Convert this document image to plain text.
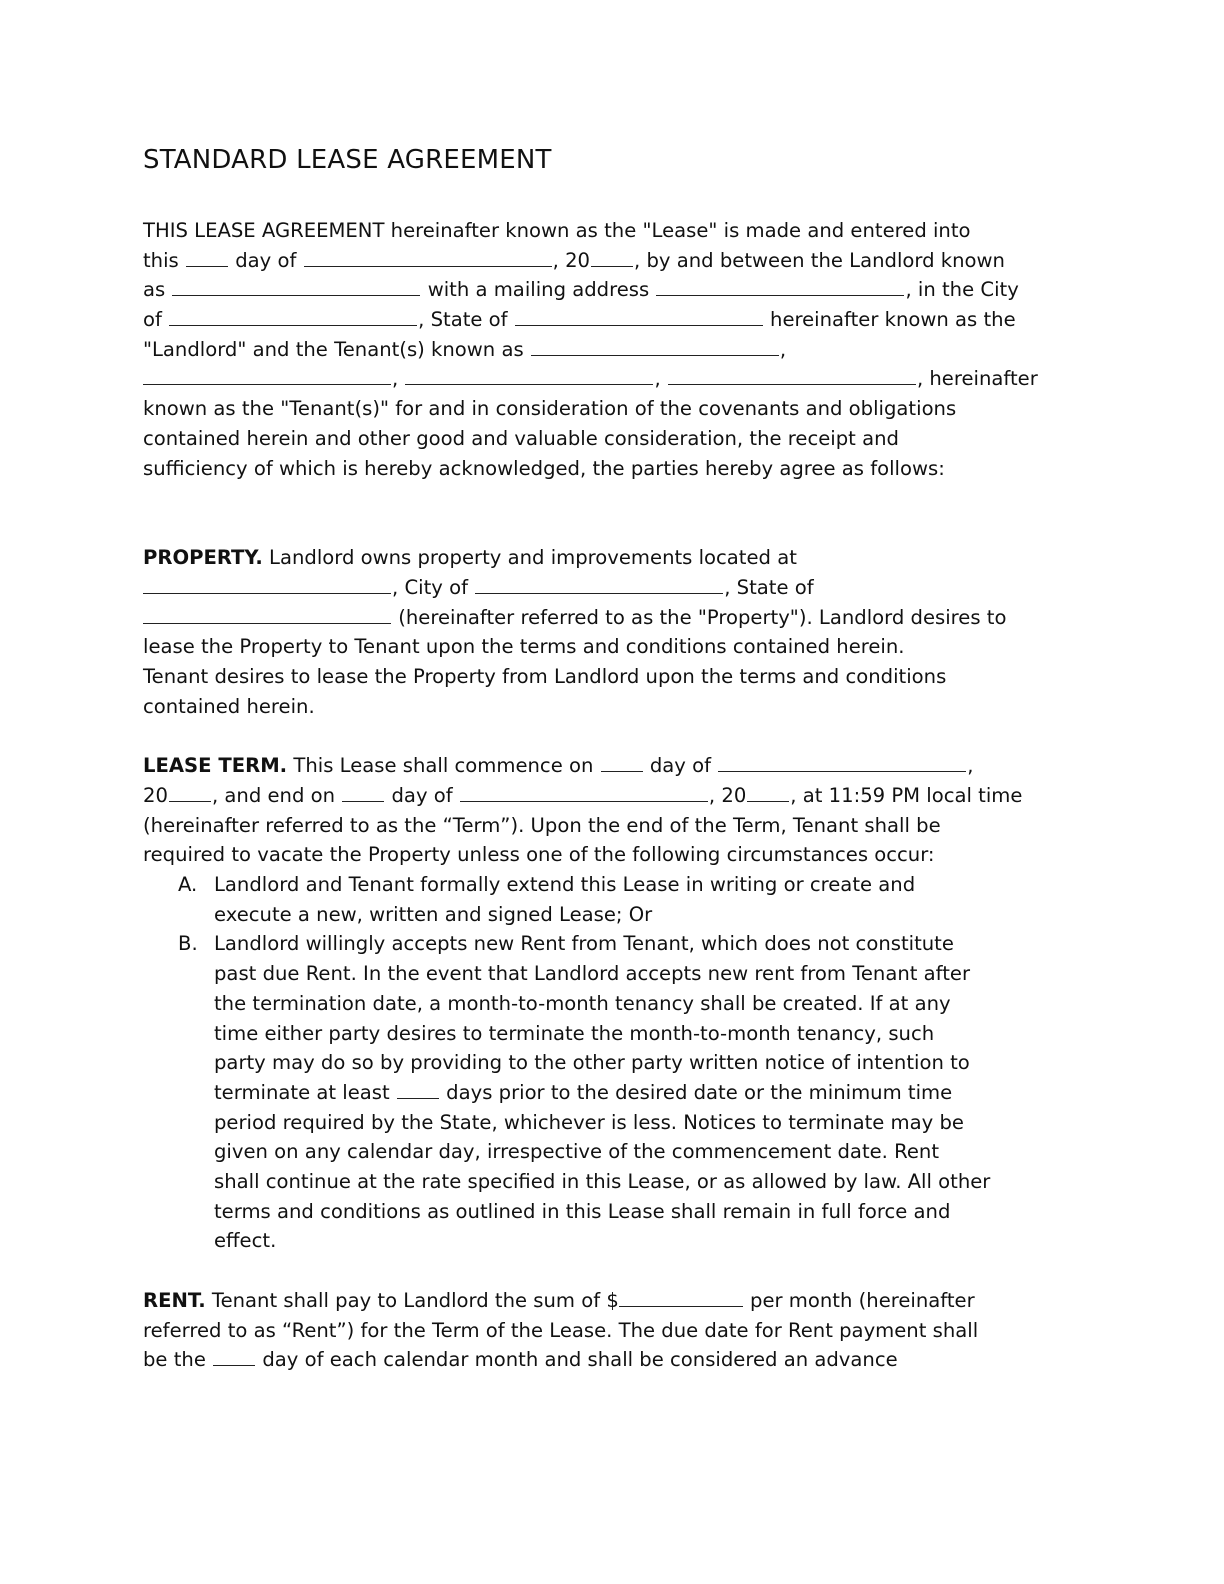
STANDARD LEASE AGREEMENT
THIS LEASE AGREEMENT hereinafter known as the "Lease" is made and entered into
this	day of	, 20 , by and between the Landlord known
as	with a mailing address	, in the City
of	, State of	hereinafter known as the
"Landlord" and the Tenant(s) known as	,
,	,	, hereinafter
known as the "Tenant(s)" for and in consideration of the covenants and obligations
contained herein and other good and valuable consideration, the receipt and
sufficiency of which is hereby acknowledged, the parties hereby agree as follows:
PROPERTY. Landlord owns property and improvements located at
, City of	, State of
(hereinafter referred to as the "Property"). Landlord desires to
lease the Property to Tenant upon the terms and conditions contained herein.
Tenant desires to lease the Property from Landlord upon the terms and conditions
contained herein.
LEASE TERM. This Lease shall commence on	day of	,
20 , and end on	day of	, 20 , at 11:59 PM local time
(hereinafter referred to as the “Term”). Upon the end of the Term, Tenant shall be
required to vacate the Property unless one of the following circumstances occur:
A. Landlord and Tenant formally extend this Lease in writing or create and
execute a new, written and signed Lease; Or
B. Landlord willingly accepts new Rent from Tenant, which does not constitute
past due Rent. In the event that Landlord accepts new rent from Tenant after
the termination date, a month-to-month tenancy shall be created. If at any
time either party desires to terminate the month-to-month tenancy, such
party may do so by providing to the other party written notice of intention to
terminate at least	days prior to the desired date or the minimum time
period required by the State, whichever is less. Notices to terminate may be
given on any calendar day, irrespective of the commencement date. Rent
shall continue at the rate specified in this Lease, or as allowed by law. All other
terms and conditions as outlined in this Lease shall remain in full force and
effect.
RENT. Tenant shall pay to Landlord the sum of $	per month (hereinafter
referred to as “Rent”) for the Term of the Lease. The due date for Rent payment shall
be the	day of each calendar month and shall be considered an advance
